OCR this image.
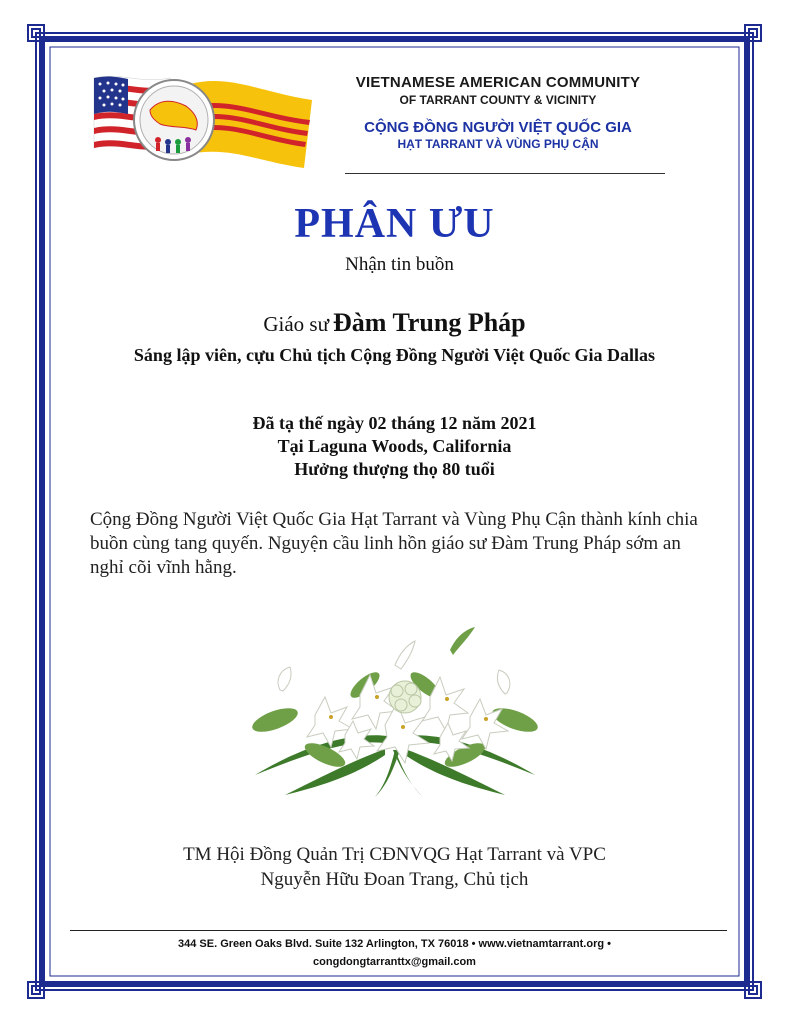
VIETNAMESE AMERICAN COMMUNITY
OF TARRANT COUNTY & VICINITY
CỘNG ĐỒNG NGƯỜI VIỆT QUỐC GIA
HẠT TARRANT VÀ VÙNG PHỤ CẬN
PHÂN ƯU
Nhận tin buồn
Giáo sư Đàm Trung Pháp
Sáng lập viên, cựu Chủ tịch Cộng Đồng Người Việt Quốc Gia Dallas
Đã tạ thế ngày 02 tháng 12 năm 2021
Tại Laguna Woods, California
Hưởng thượng thọ 80 tuổi
Cộng Đồng Người Việt Quốc Gia Hạt Tarrant và Vùng Phụ Cận thành kính chia buồn cùng tang quyến. Nguyện cầu linh hồn giáo sư Đàm Trung Pháp sớm an nghỉ cõi vĩnh hằng.
TM Hội Đồng Quản Trị CĐNVQG Hạt Tarrant và VPC
Nguyễn Hữu Đoan Trang, Chủ tịch
344 SE. Green Oaks Blvd. Suite 132 Arlington, TX 76018 • www.vietnamtarrant.org •
congdongtarranttx@gmail.com
